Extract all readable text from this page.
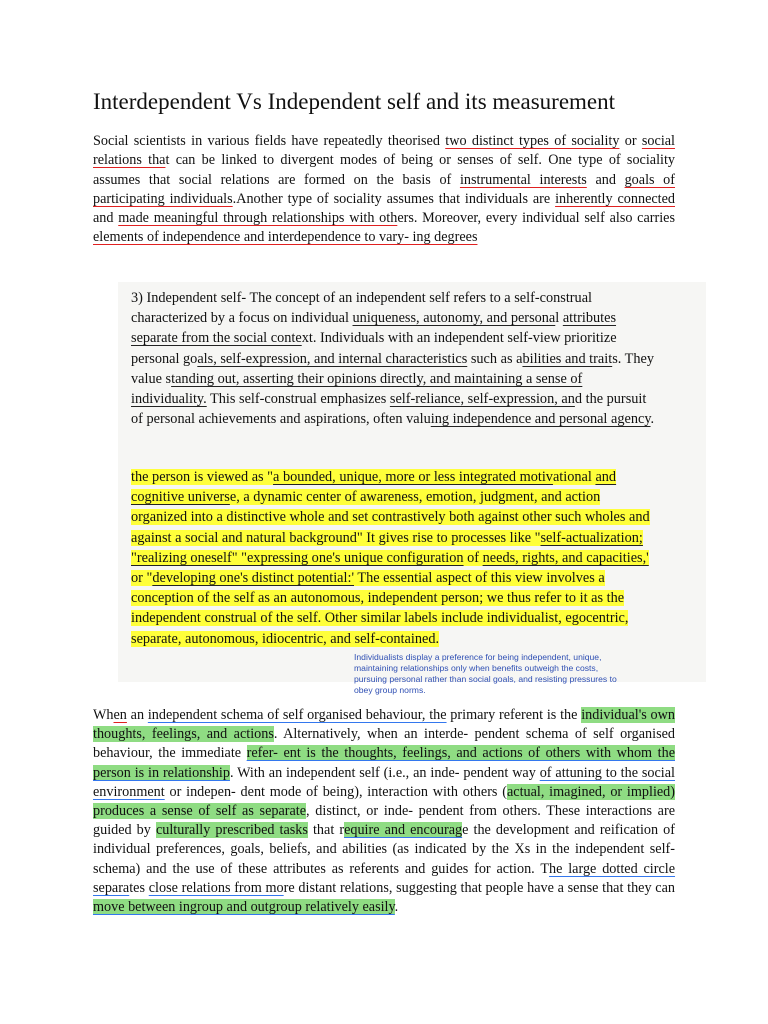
Interdependent Vs Independent self and its measurement
Social scientists in various fields have repeatedly theorised two distinct types of sociality or social relations that can be linked to divergent modes of being or senses of self. One type of sociality assumes that social relations are formed on the basis of instrumental interests and goals of participating individuals.Another type of sociality assumes that individuals are inherently connected and made meaningful through relationships with others. Moreover, every individual self also carries elements of independence and interdependence to vary- ing degrees
3) Independent self- The concept of an independent self refers to a self-construal characterized by a focus on individual uniqueness, autonomy, and personal attributes separate from the social context. Individuals with an independent self-view prioritize personal goals, self-expression, and internal characteristics such as abilities and traits. They value standing out, asserting their opinions directly, and maintaining a sense of individuality. This self-construal emphasizes self-reliance, self-expression, and the pursuit of personal achievements and aspirations, often valuing independence and personal agency.
the person is viewed as "a bounded, unique, more or less integrated motivational and cognitive universe, a dynamic center of awareness, emotion, judgment, and action organized into a distinctive whole and set contrastively both against other such wholes and against a social and natural background" It gives rise to processes like "self-actualization; "realizing oneself" "expressing one's unique configuration of needs, rights, and capacities,' or "developing one's distinct potential:' The essential aspect of this view involves a conception of the self as an autonomous, independent person; we thus refer to it as the independent construal of the self. Other similar labels include individualist, egocentric, separate, autonomous, idiocentric, and self-contained.
Individualists display a preference for being independent, unique, maintaining relationships only when benefits outweigh the costs, pursuing personal rather than social goals, and resisting pressures to obey group norms.
When an independent schema of self organised behaviour, the primary referent is the individual's own thoughts, feelings, and actions. Alternatively, when an interde- pendent schema of self organised behaviour, the immediate refer- ent is the thoughts, feelings, and actions of others with whom the person is in relationship. With an independent self (i.e., an inde- pendent way of attuning to the social environment or indepen- dent mode of being), interaction with others (actual, imagined, or implied) produces a sense of self as separate, distinct, or inde- pendent from others. These interactions are guided by culturally prescribed tasks that require and encourage the development and reification of individual preferences, goals, beliefs, and abilities (as indicated by the Xs in the independent self-schema) and the use of these attributes as referents and guides for action. The large dotted circle separates close relations from more distant relations, suggesting that people have a sense that they can move between ingroup and outgroup relatively easily.
